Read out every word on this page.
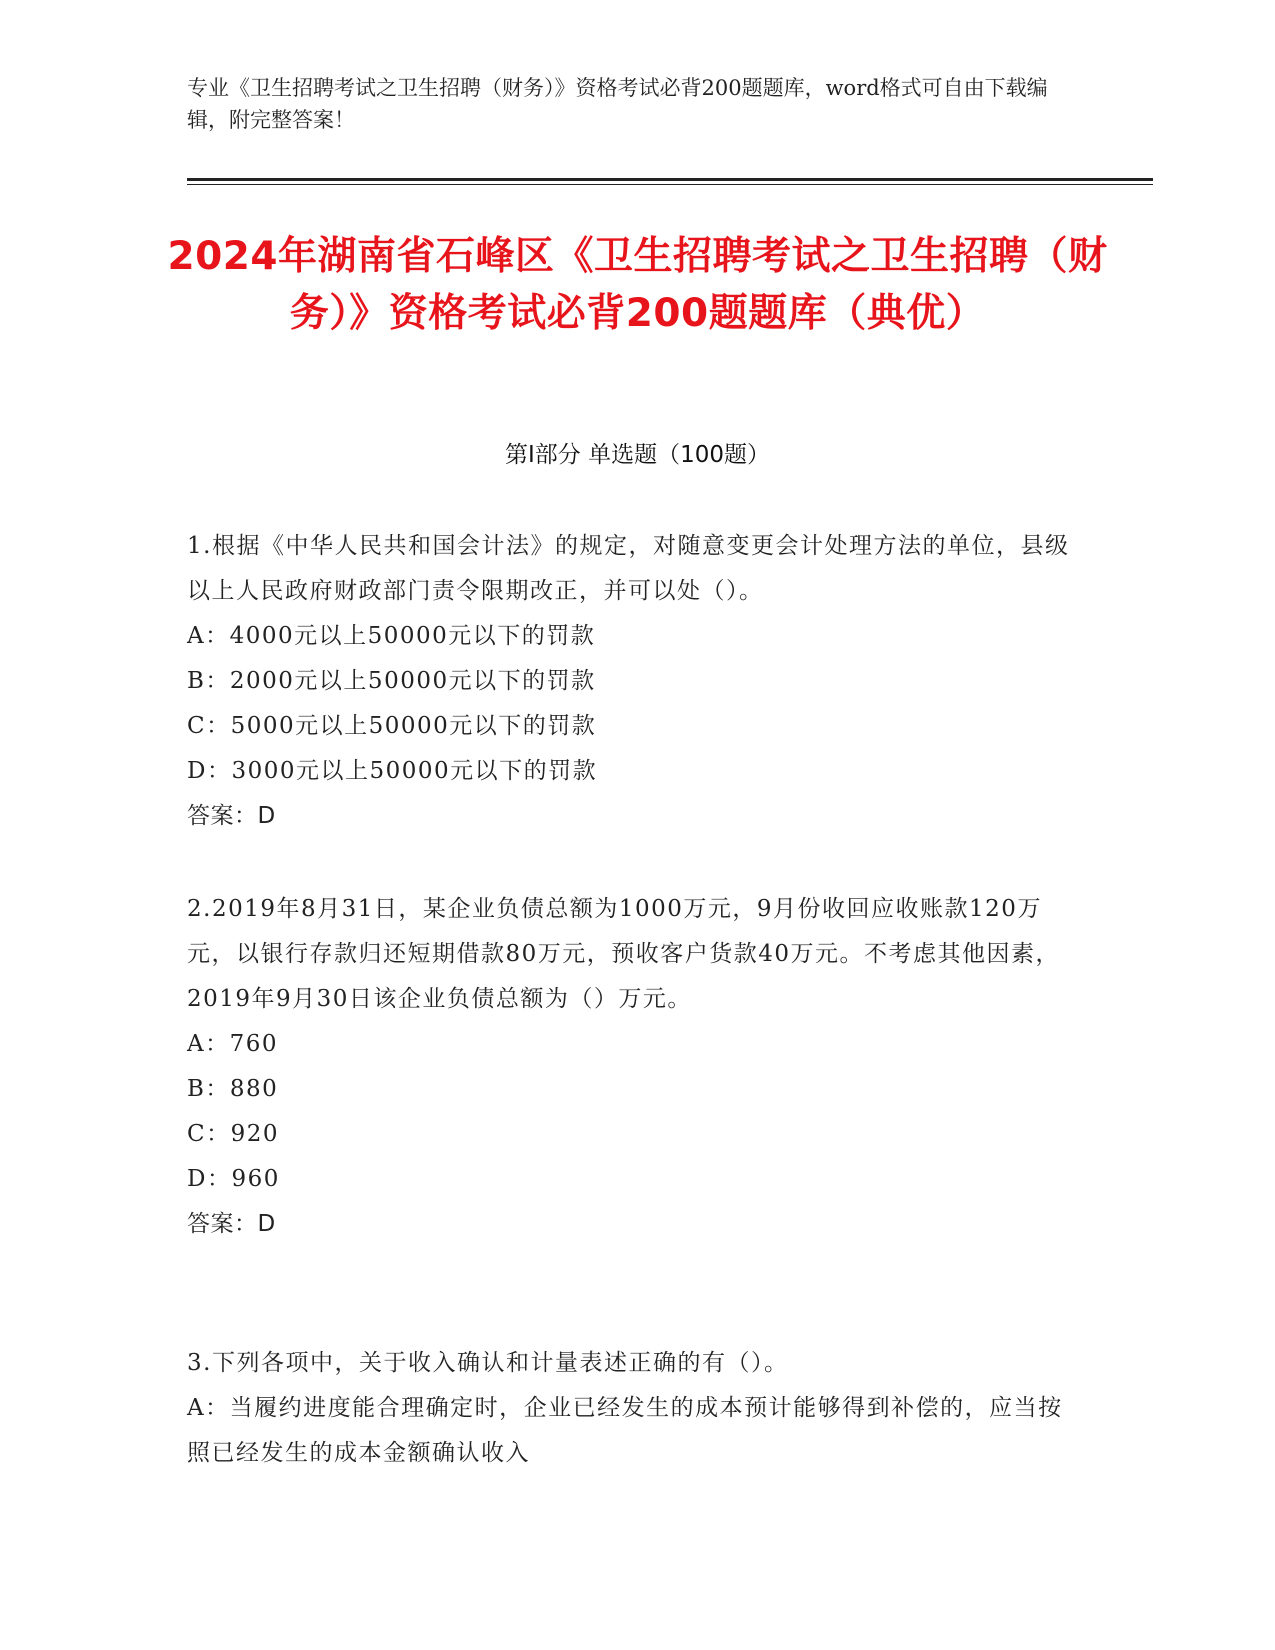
专业《卫生招聘考试之卫生招聘（财务）》资格考试必背200题题库，word格式可自由下载编辑，附完整答案！
2024年湖南省石峰区《卫生招聘考试之卫生招聘（财务）》资格考试必背200题题库（典优）
第I部分 单选题（100题）

1.根据《中华人民共和国会计法》的规定，对随意变更会计处理方法的单位，县级以上人民政府财政部门责令限期改正，并可以处（）。

A：4000元以上50000元以下的罚款

B：2000元以上50000元以下的罚款

C：5000元以上50000元以下的罚款

D：3000元以上50000元以下的罚款

答案：D

2.2019年8月31日，某企业负债总额为1000万元，9月份收回应收账款120万元，以银行存款归还短期借款80万元，预收客户货款40万元。不考虑其他因素，2019年9月30日该企业负债总额为（）万元。

A：760

B：880

C：920

D：960

答案：D

3.下列各项中，关于收入确认和计量表述正确的有（）。

A：当履约进度能合理确定时，企业已经发生的成本预计能够得到补偿的，应当按照已经发生的成本金额确认收入
